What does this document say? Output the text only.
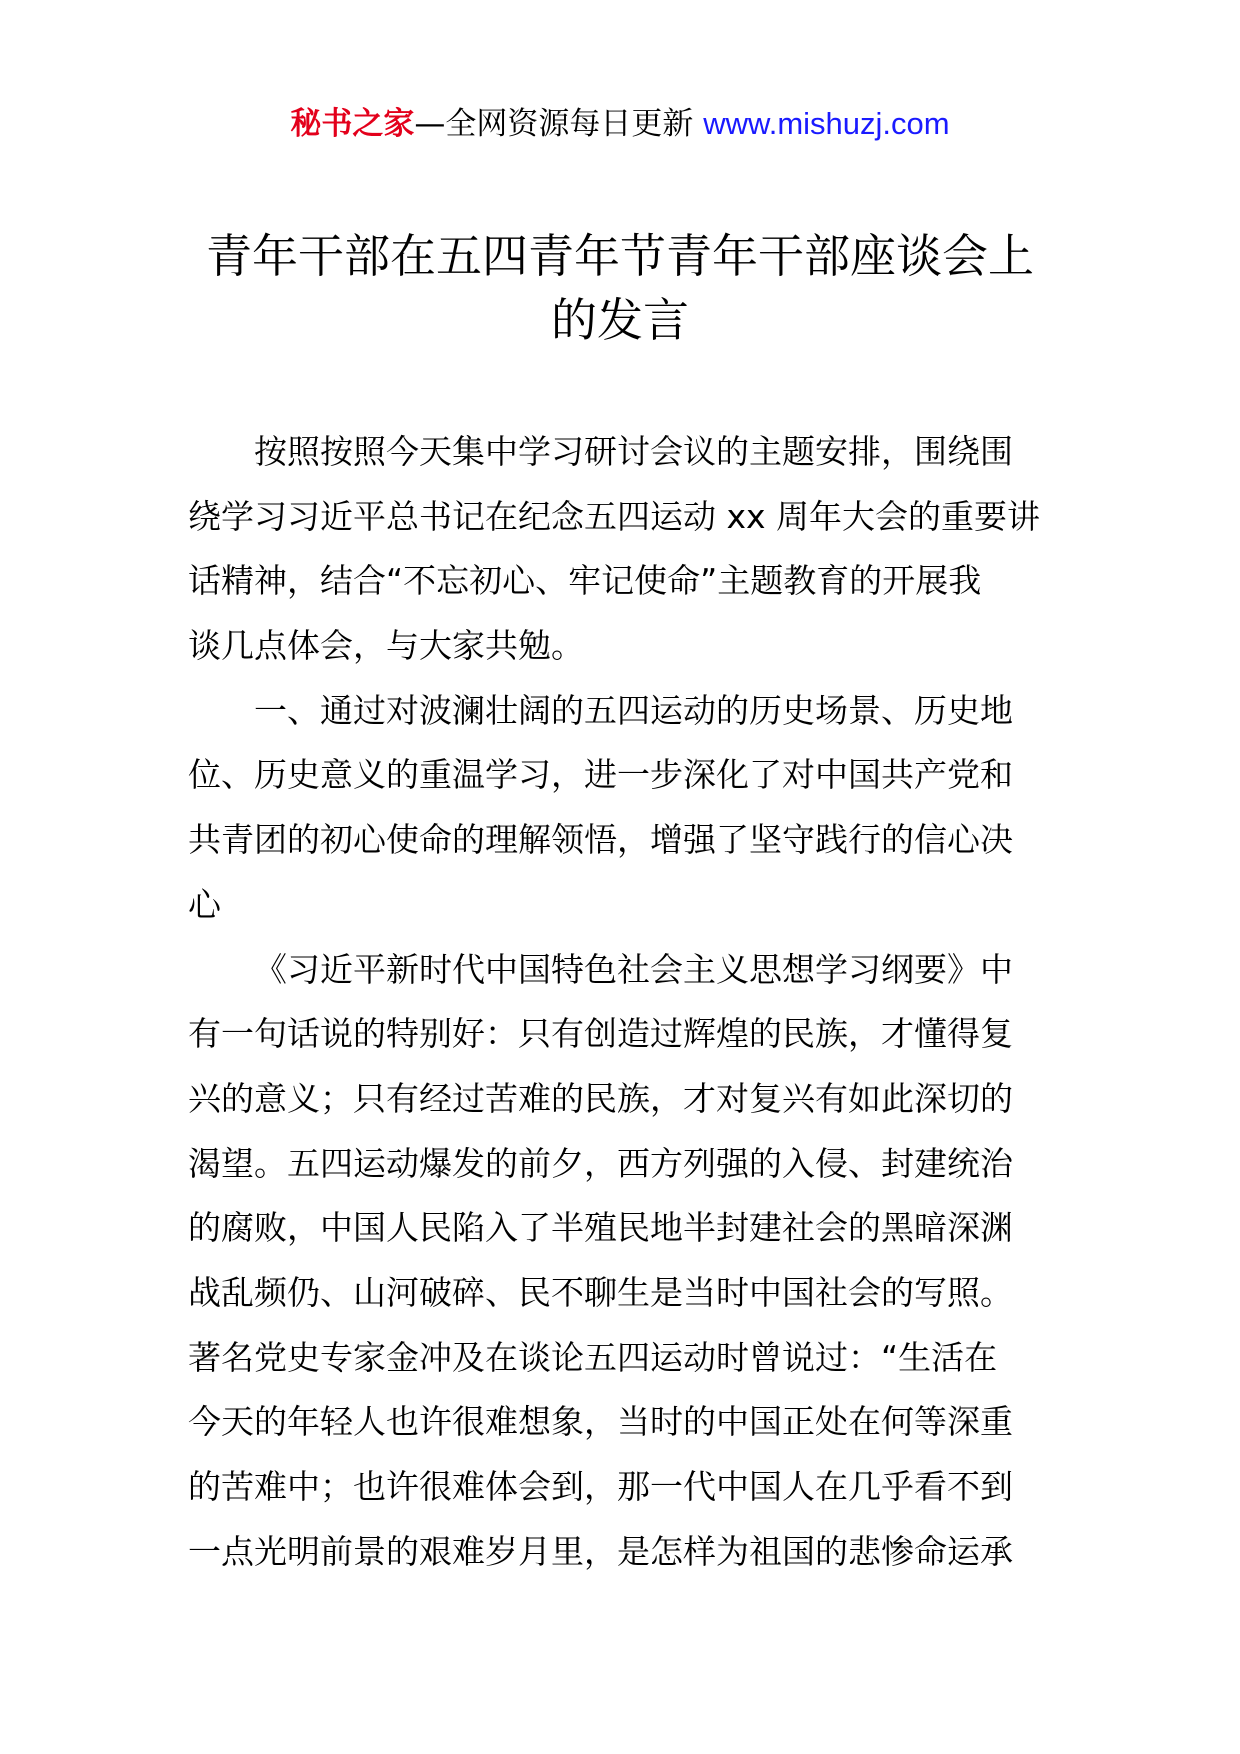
秘书之家—全网资源每日更新 www.mishuzj.com
青年干部在五四青年节青年干部座谈会上
的发言
按照按照今天集中学习研讨会议的主题安排，围绕围
绕学习习近平总书记在纪念五四运动 xx 周年大会的重要讲
话精神，结合“不忘初心、牢记使命”主题教育的开展我
谈几点体会，与大家共勉。
一、通过对波澜壮阔的五四运动的历史场景、历史地
位、历史意义的重温学习，进一步深化了对中国共产党和
共青团的初心使命的理解领悟，增强了坚守践行的信心决
心
《习近平新时代中国特色社会主义思想学习纲要》中
有一句话说的特别好：只有创造过辉煌的民族，才懂得复
兴的意义；只有经过苦难的民族，才对复兴有如此深切的
渴望。五四运动爆发的前夕，西方列强的入侵、封建统治
的腐败，中国人民陷入了半殖民地半封建社会的黑暗深渊
战乱频仍、山河破碎、民不聊生是当时中国社会的写照。
著名党史专家金冲及在谈论五四运动时曾说过：“生活在
今天的年轻人也许很难想象，当时的中国正处在何等深重
的苦难中；也许很难体会到，那一代中国人在几乎看不到
一点光明前景的艰难岁月里，是怎样为祖国的悲惨命运承
